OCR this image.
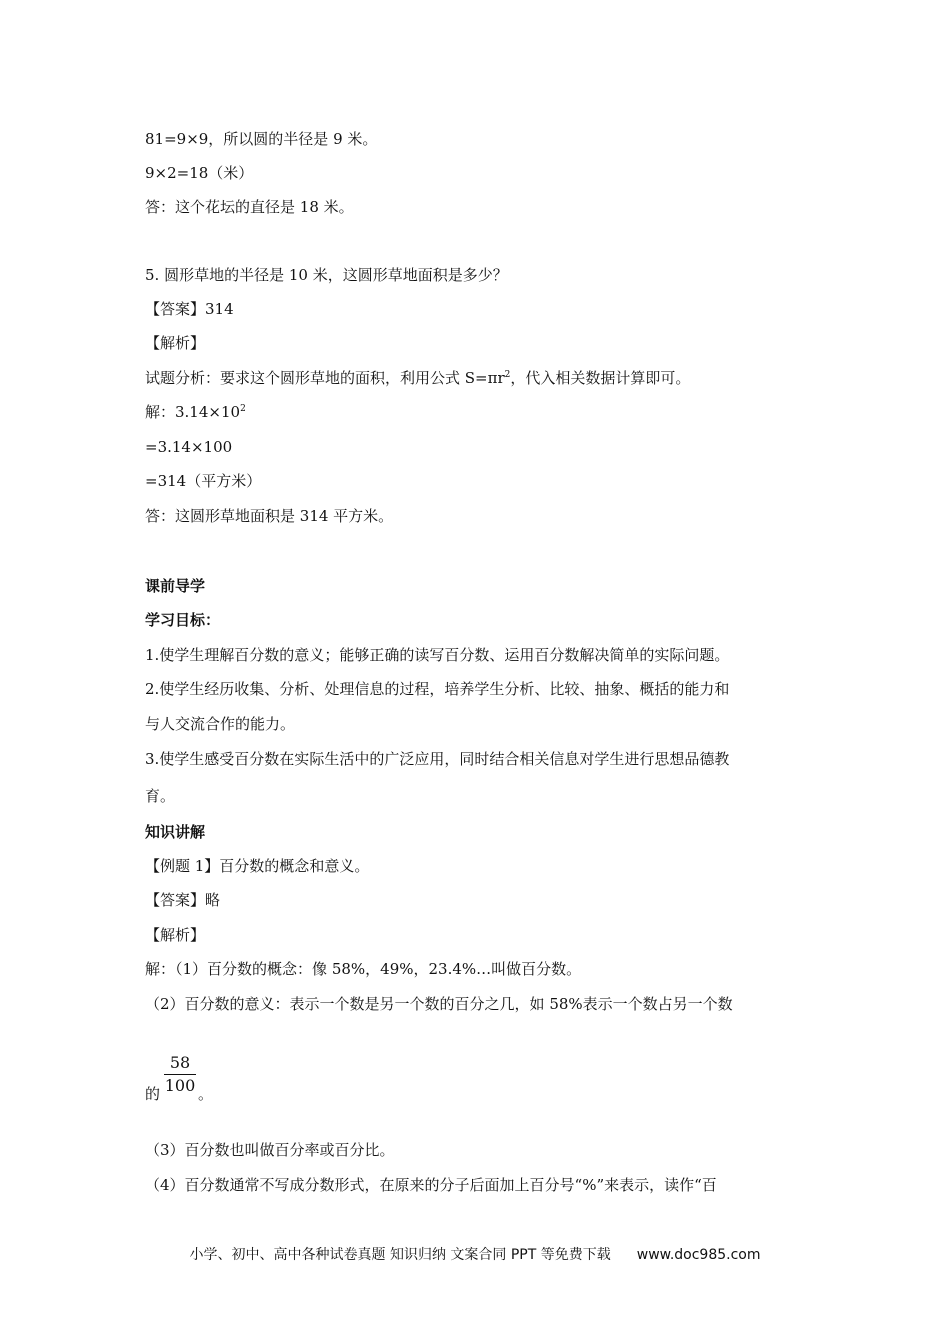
81=9×9，所以圆的半径是 9 米。
9×2=18（米）
答：这个花坛的直径是 18 米。
5. 圆形草地的半径是 10 米，这圆形草地面积是多少？
【答案】314
【解析】
试题分析：要求这个圆形草地的面积，利用公式 $S=\pi r^2$，代入相关数据计算即可。
解：$3.14\times 10^2$
=3.14×100
=314（平方米）
答：这圆形草地面积是 314 平方米。
课前导学
学习目标：
1.使学生理解百分数的意义；能够正确的读写百分数、运用百分数解决简单的实际问题。
2.使学生经历收集、分析、处理信息的过程，培养学生分析、比较、抽象、概括的能力和
与人交流合作的能力。
3.使学生感受百分数在实际生活中的广泛应用，同时结合相关信息对学生进行思想品德教
育。
知识讲解
【例题 1】百分数的概念和意义。
【答案】略
【解析】
解：（1）百分数的概念：像 58%，49%，23.4%…叫做百分数。
（2）百分数的意义：表示一个数是另一个数的百分之几，如 58%表示一个数占另一个数
$\frac{58}{100}$
的	。
（3）百分数也叫做百分率或百分比。
（4）百分数通常不写成分数形式，在原来的分子后面加上百分号“%”来表示，读作“百
小学、初中、高中各种试卷真题 知识归纳 文案合同 PPT 等免费下载 www.doc985.com
